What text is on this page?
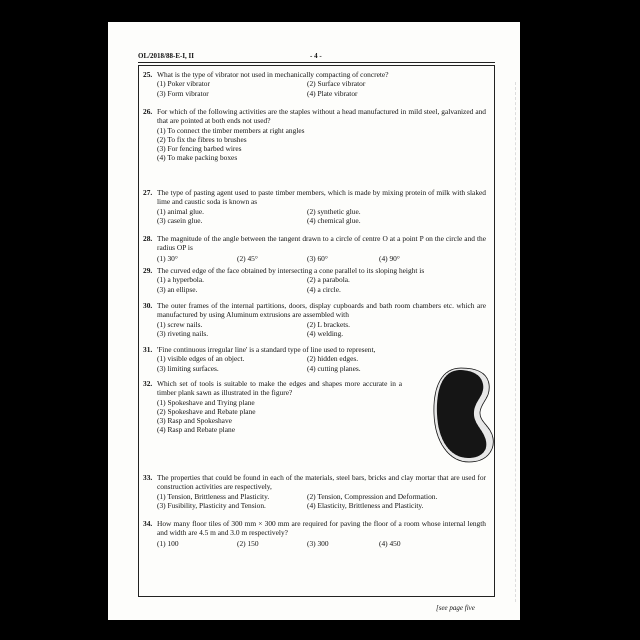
OL/2018/88-E-I, II	- 4 -
25. What is the type of vibrator not used in mechanically compacting of concrete?
(1) Poker vibrator	(2) Surface vibrator
(3) Form vibrator	(4) Plate vibrator
26. For which of the following activities are the staples without a head manufactured in mild steel, galvanized and that are pointed at both ends not used?
(1) To connect the timber members at right angles
(2) To fix the fibres to brushes
(3) For fencing barbed wires
(4) To make packing boxes
27. The type of pasting agent used to paste timber members, which is made by mixing protein of milk with slaked lime and caustic soda is known as
(1) animal glue.	(2) synthetic glue.
(3) casein glue.	(4) chemical glue.
28. The magnitude of the angle between the tangent drawn to a circle of centre O at a point P on the circle and the radius OP is
(1) 30°	(2) 45°	(3) 60°	(4) 90°
29. The curved edge of the face obtained by intersecting a cone parallel to its sloping height is
(1) a hyperbola.	(2) a parabola.
(3) an ellipse.	(4) a circle.
30. The outer frames of the internal partitions, doors, display cupboards and bath room chambers etc. which are manufactured by using Aluminum extrusions are assembled with
(1) screw nails.	(2) L brackets.
(3) riveting nails.	(4) welding.
31. 'Fine continuous irregular line' is a standard type of line used to represent,
(1) visible edges of an object.	(2) hidden edges.
(3) limiting surfaces.	(4) cutting planes.
32. Which set of tools is suitable to make the edges and shapes more accurate in a timber plank sawn as illustrated in the figure?
(1) Spokeshave and Trying plane
(2) Spokeshave and Rebate plane
(3) Rasp and Spokeshave
(4) Rasp and Rebate plane
33. The properties that could be found in each of the materials, steel bars, bricks and clay mortar that are used for construction activities are respectively,
(1) Tension, Brittleness and Plasticity.	(2) Tension, Compression and Deformation.
(3) Fusibility, Plasticity and Tension.	(4) Elasticity, Brittleness and Plasticity.
34. How many floor tiles of 300 mm × 300 mm are required for paving the floor of a room whose internal length and width are 4.5 m and 3.0 m respectively?
(1) 100	(2) 150	(3) 300	(4) 450
[see page five
